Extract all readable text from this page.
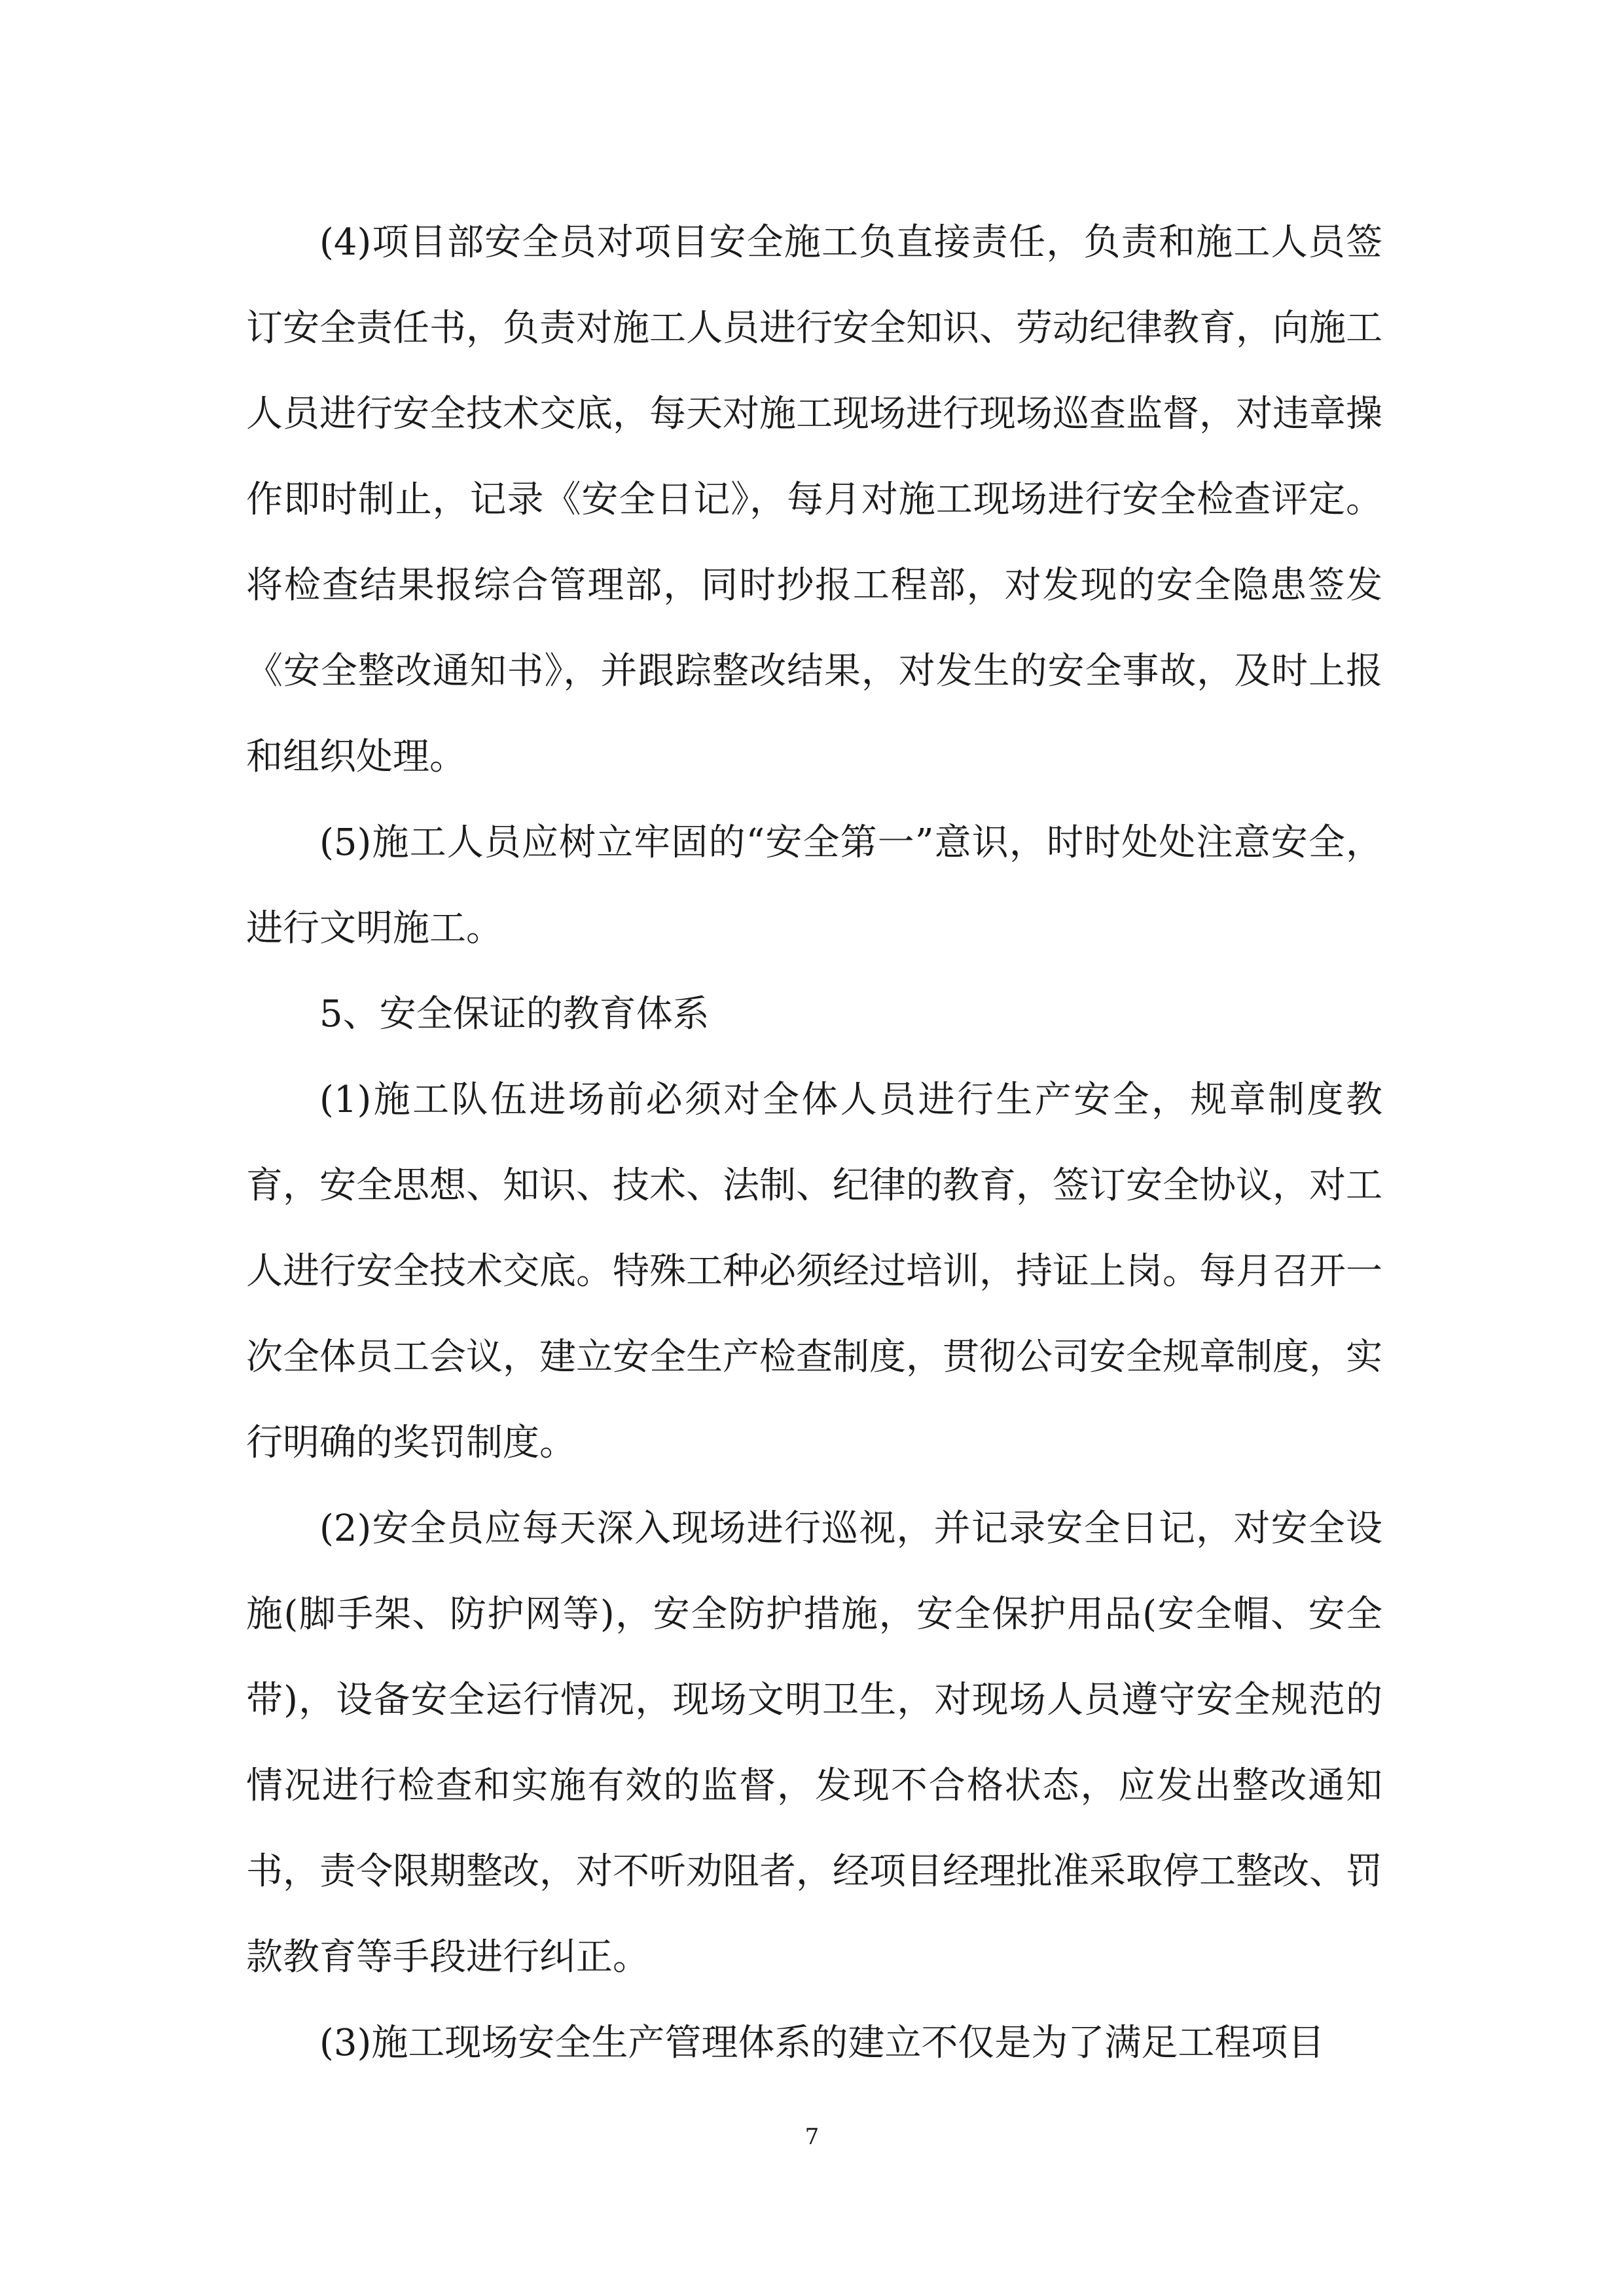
(4)项目部安全员对项目安全施工负直接责任，负责和施工人员签订安全责任书，负责对施工人员进行安全知识、劳动纪律教育，向施工人员进行安全技术交底，每天对施工现场进行现场巡查监督，对违章操作即时制止，记录《安全日记》，每月对施工现场进行安全检查评定。将检查结果报综合管理部，同时抄报工程部，对发现的安全隐患签发《安全整改通知书》，并跟踪整改结果，对发生的安全事故，及时上报和组织处理。

(5)施工人员应树立牢固的“安全第一”意识，时时处处注意安全，进行文明施工。

5、安全保证的教育体系

(1)施工队伍进场前必须对全体人员进行生产安全，规章制度教育，安全思想、知识、技术、法制、纪律的教育，签订安全协议，对工人进行安全技术交底。特殊工种必须经过培训，持证上岗。每月召开一次全体员工会议，建立安全生产检查制度，贯彻公司安全规章制度，实行明确的奖罚制度。

(2)安全员应每天深入现场进行巡视，并记录安全日记，对安全设施(脚手架、防护网等)，安全防护措施，安全保护用品(安全帽、安全带)，设备安全运行情况，现场文明卫生，对现场人员遵守安全规范的情况进行检查和实施有效的监督，发现不合格状态，应发出整改通知书，责令限期整改，对不听劝阻者，经项目经理批准采取停工整改、罚款教育等手段进行纠正。

(3)施工现场安全生产管理体系的建立不仅是为了满足工程项目

7
